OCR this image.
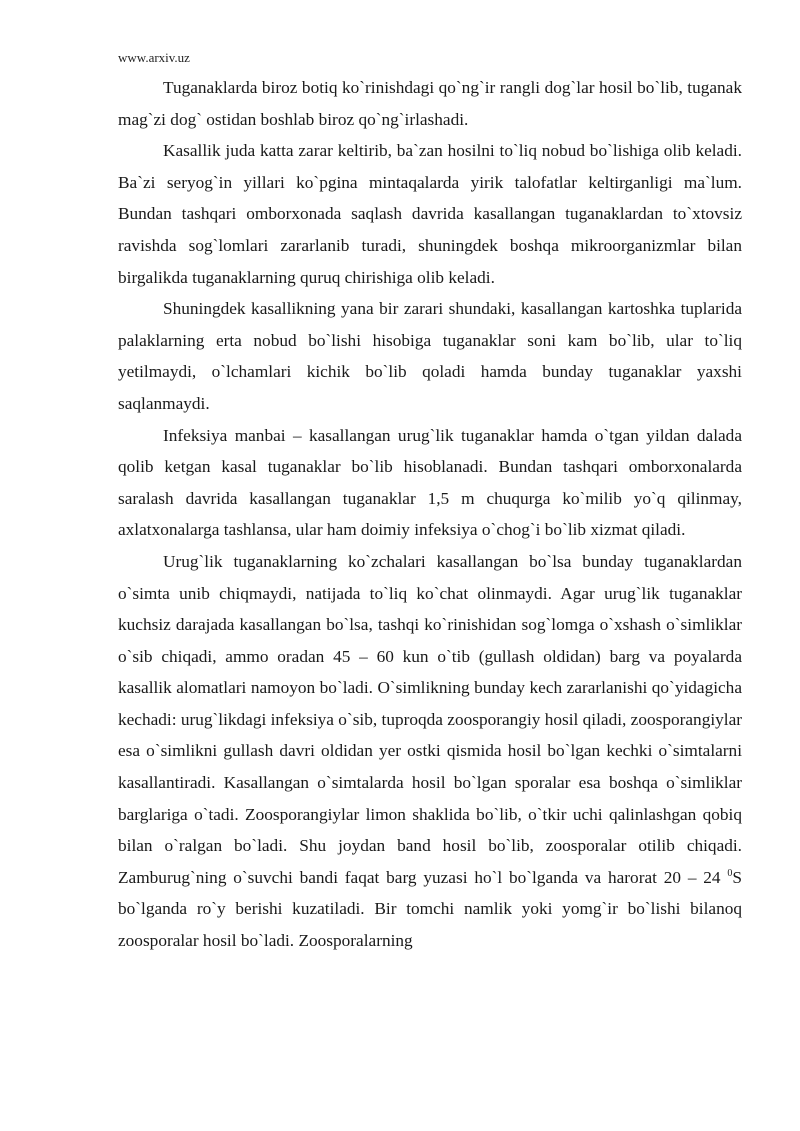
www.arxiv.uz

Tuganaklarda biroz botiq ko`rinishdagi qo`ng`ir rangli dog`lar hosil bo`lib, tuganak mag`zi dog` ostidan boshlab biroz qo`ng`irlashadi.

Kasallik juda katta zarar keltirib, ba`zan hosilni to`liq nobud bo`lishiga olib keladi. Ba`zi seryog`in yillari ko`pgina mintaqalarda yirik talofatlar keltirganligi ma`lum. Bundan tashqari omborxonada saqlash davrida kasallangan tuganaklardan to`xtovsiz ravishda sog`lomlari zararlanib turadi, shuningdek boshqa mikroorganizmlar bilan birgalikda tuganaklarning quruq chirishiga olib keladi.

Shuningdek kasallikning yana bir zarari shundaki, kasallangan kartoshka tuplarida palaklarning erta nobud bo`lishi hisobiga tuganaklar soni kam bo`lib, ular to`liq yetilmaydi, o`lchamlari kichik bo`lib qoladi hamda bunday tuganaklar yaxshi saqlanmaydi.

Infeksiya manbai – kasallangan urug`lik tuganaklar hamda o`tgan yildan dalada qolib ketgan kasal tuganaklar bo`lib hisoblanadi. Bundan tashqari omborxonalarda saralash davrida kasallangan tuganaklar 1,5 m chuqurga ko`milib yo`q qilinmay, axlatxonalarga tashlansa, ular ham doimiy infeksiya o`chog`i bo`lib xizmat qiladi.

Urug`lik tuganaklarning ko`zchalari kasallangan bo`lsa bunday tuganaklardan o`simta unib chiqmaydi, natijada to`liq ko`chat olinmaydi. Agar urug`lik tuganaklar kuchsiz darajada kasallangan bo`lsa, tashqi ko`rinishidan sog`lomga o`xshash o`simliklar o`sib chiqadi, ammo oradan 45 – 60 kun o`tib (gullash oldidan) barg va poyalarda kasallik alomatlari namoyon bo`ladi. O`simlikning bunday kech zararlanishi qo`yidagicha kechadi: urug`likdagi infeksiya o`sib, tuproqda zoosporangiy hosil qiladi, zoosporangiylar esa o`simlikni gullash davri oldidan yer ostki qismida hosil bo`lgan kechki o`simtalarni kasallantiradi. Kasallangan o`simtalarda hosil bo`lgan sporalar esa boshqa o`simliklar barglariga o`tadi. Zoosporangiylar limon shaklida bo`lib, o`tkir uchi qalinlashgan qobiq bilan o`ralgan bo`ladi. Shu joydan band hosil bo`lib, zoosporalar otilib chiqadi. Zamburug`ning o`suvchi bandi faqat barg yuzasi ho`l bo`lganda va harorat 20 – 24 $^0$S bo`lganda ro`y berishi kuzatiladi. Bir tomchi namlik yoki yomg`ir bo`lishi bilanoq zoosporalar hosil bo`ladi. Zoosporalarning
